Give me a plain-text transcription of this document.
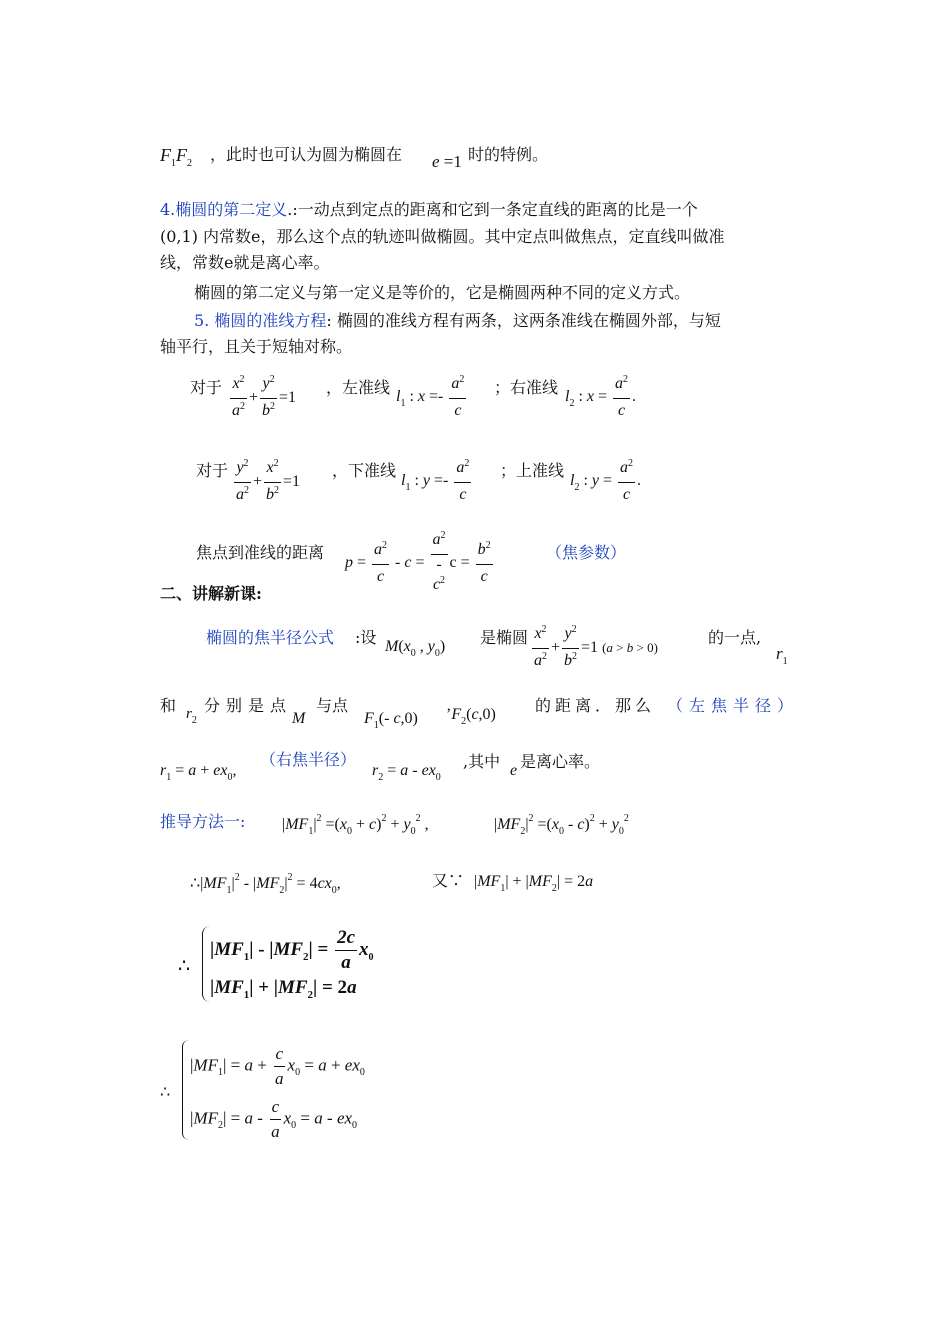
$F_1F_2$ ，此时也可认为圆为椭圆在 e =1 时的特例。
4.椭圆的第二定义.:一动点到定点的距离和它到一条定直线的距离的比是一个
(0,1) 内常数e，那么这个点的轨迹叫做椭圆。其中定点叫做焦点，定直线叫做准
线，常数e就是离心率。
椭圆的第二定义与第一定义是等价的，它是椭圆两种不同的定义方式。
5. 椭圆的准线方程: 椭圆的准线方程有两条，这两条准线在椭圆外部，与短
轴平行，且关于短轴对称。
对于 $\frac{x^2}{a^2} + \frac{y^2}{b^2} =1$
，左准线 $l_1$ : $x =- \frac{a^2}{c}$ ；右准线 $l_2$ : $x = \frac{a^2}{c}$ .
对于 $\frac{y^2}{a^2} + \frac{x^2}{b^2} =1$
，下准线
$l_1$ : $y =- \frac{a^2}{c}$ ；上准线
$l_2$ : $y = \frac{a^2}{c}$ .
焦点到准线的距离
$p = \frac{a^2}{c} - c$ =
$a^2$
-
$c^2$
$c = \frac{b^2}{c}$	（焦参数）
二、讲解新课:
椭圆的焦半径公式 :设 $M(x_0$ , $y_0$) 是椭圆 $\frac{x^2}{a^2} + \frac{y^2}{b^2} =1$ (a > b > 0)
的一点,
$r_1$
和 $r_2$
分别是点
M
与点
$F_1(-$ c,0) $’F_2(c,0)$ 的距离．那么 （左焦半径）
$r_1 = a + ex_0$,
（右焦半径）
$r_2 = a - ex_0$
,其中 e 是离心率。
推导方法一: $|MF_1|^2 =(x_0 + c)^2 + y_0^2$ ,	$|MF_2|^2 =(x_0 - c)^2 + y_0^2$
$\therefore|MF_1|^2 - |MF_2|^2 = 4cx_0$,	又∵ $|MF_1| + |MF_2| = 2a$
∴
$|MF_1| - |MF_2| = \frac{2c}{a} x_0$
$|MF_1| + |MF_2| = 2a$
∴
$|MF_1| = a + \frac{c}{a} x_0 = a + ex_0$
$|MF_2| = a - \frac{c}{a} x_0 = a - ex_0$
